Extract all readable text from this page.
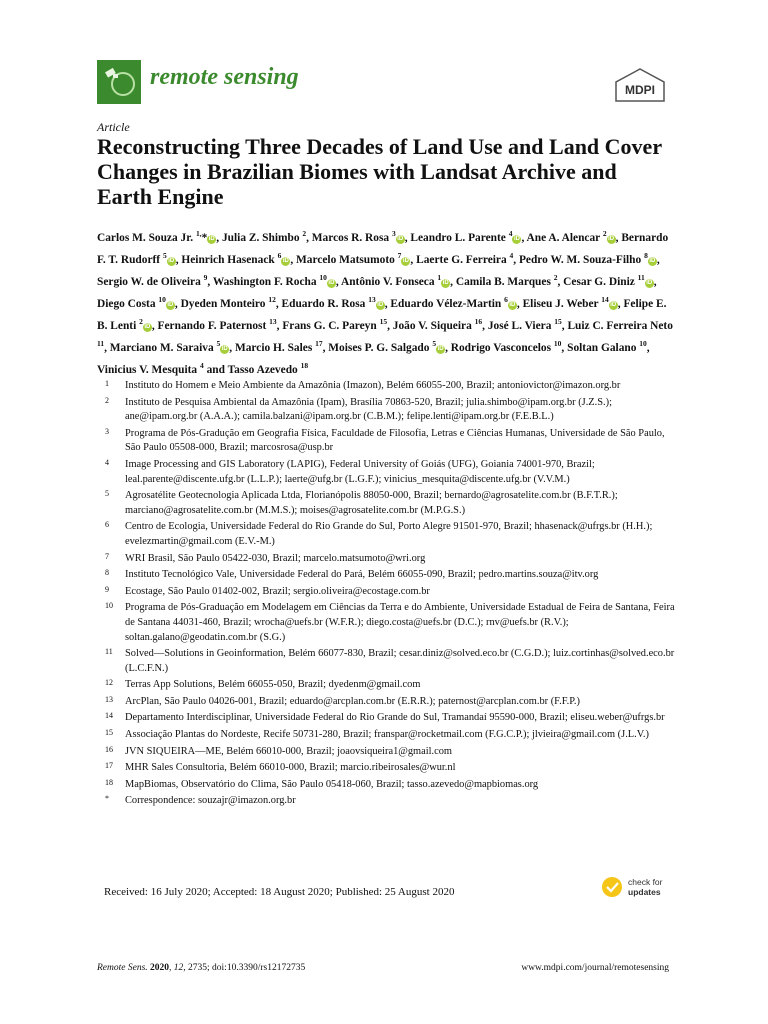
remote sensing	MDPI
Article
Reconstructing Three Decades of Land Use and Land Cover Changes in Brazilian Biomes with Landsat Archive and Earth Engine
Carlos M. Souza Jr. $^{1,}$* iD , Julia Z. Shimbo $^2$, Marcos R. Rosa $^3$iD , Leandro L. Parente $^4$iD , Ane A. Alencar $^2$iD , Bernardo F. T. Rudorff $^5$iD , Heinrich Hasenack $^6$iD , Marcelo Matsumoto $^7$iD , Laerte G. Ferreira $^4$, Pedro W. M. Souza-Filho $^8$iD , Sergio W. de Oliveira $^9$, Washington F. Rocha $^{10}$iD , Antônio V. Fonseca $^1$iD , Camila B. Marques $^2$, Cesar G. Diniz $^{11}$iD , Diego Costa $^{10}$iD , Dyeden Monteiro $^{12}$, Eduardo R. Rosa $^{13}$iD , Eduardo Vélez-Martin $^6$iD , Eliseu J. Weber $^{14}$iD , Felipe E. B. Lenti $^2$iD , Fernando F. Paternost $^{13}$, Frans G. C. Pareyn $^{15}$, João V. Siqueira $^{16}$, José L. Viera $^{15}$, Luiz C. Ferreira Neto $^{11}$, Marciano M. Saraiva $^5$iD , Marcio H. Sales $^{17}$, Moises P. G. Salgado $^5$iD , Rodrigo Vasconcelos $^{10}$, Soltan Galano $^{10}$, Vinicius V. Mesquita $^4$ and Tasso Azevedo $^{18}$
1 Instituto do Homem e Meio Ambiente da Amazônia (Imazon), Belém 66055-200, Brazil; antoniovictor@imazon.org.br
2 Instituto de Pesquisa Ambiental da Amazônia (Ipam), Brasília 70863-520, Brazil; julia.shimbo@ipam.org.br (J.Z.S.); ane@ipam.org.br (A.A.A.); camila.balzani@ipam.org.br (C.B.M.); felipe.lenti@ipam.org.br (F.E.B.L.)
3 Programa de Pós-Gradução em Geografia Física, Faculdade de Filosofia, Letras e Ciências Humanas, Universidade de São Paulo, São Paulo 05508-000, Brazil; marcosrosa@usp.br
4 Image Processing and GIS Laboratory (LAPIG), Federal University of Goiás (UFG), Goiania 74001-970, Brazil; leal.parente@discente.ufg.br (L.L.P.); laerte@ufg.br (L.G.F.); vinicius_mesquita@discente.ufg.br (V.V.M.)
5 Agrosatélite Geotecnologia Aplicada Ltda, Florianópolis 88050-000, Brazil; bernardo@agrosatelite.com.br (B.F.T.R.); marciano@agrosatelite.com.br (M.M.S.); moises@agrosatelite.com.br (M.P.G.S.)
6 Centro de Ecologia, Universidade Federal do Rio Grande do Sul, Porto Alegre 91501-970, Brazil; hhasenack@ufrgs.br (H.H.); evelezmartin@gmail.com (E.V.-M.)
7 WRI Brasil, São Paulo 05422-030, Brazil; marcelo.matsumoto@wri.org
8 Instituto Tecnológico Vale, Universidade Federal do Pará, Belém 66055-090, Brazil; pedro.martins.souza@itv.org
9 Ecostage, São Paulo 01402-002, Brazil; sergio.oliveira@ecostage.com.br
10 Programa de Pós-Graduação em Modelagem em Ciências da Terra e do Ambiente, Universidade Estadual de Feira de Santana, Feira de Santana 44031-460, Brazil; wrocha@uefs.br (W.F.R.); diego.costa@uefs.br (D.C.); rnv@uefs.br (R.V.); soltan.galano@geodatin.com.br (S.G.)
11 Solved—Solutions in Geoinformation, Belém 66077-830, Brazil; cesar.diniz@solved.eco.br (C.G.D.); luiz.cortinhas@solved.eco.br (L.C.F.N.)
12 Terras App Solutions, Belém 66055-050, Brazil; dyedenm@gmail.com
13 ArcPlan, São Paulo 04026-001, Brazil; eduardo@arcplan.com.br (E.R.R.); paternost@arcplan.com.br (F.F.P.)
14 Departamento Interdisciplinar, Universidade Federal do Rio Grande do Sul, Tramandaí 95590-000, Brazil; eliseu.weber@ufrgs.br
15 Associação Plantas do Nordeste, Recife 50731-280, Brazil; franspar@rocketmail.com (F.G.C.P.); jlvieira@gmail.com (J.L.V.)
16 JVN SIQUEIRA—ME, Belém 66010-000, Brazil; joaovsiqueira1@gmail.com
17 MHR Sales Consultoria, Belém 66010-000, Brazil; marcio.ribeirosales@wur.nl
18 MapBiomas, Observatório do Clima, São Paulo 05418-060, Brazil; tasso.azevedo@mapbiomas.org
* Correspondence: souzajr@imazon.org.br
Received: 16 July 2020; Accepted: 18 August 2020; Published: 25 August 2020
check for
updates
Remote Sens. 2020, 12, 2735; doi:10.3390/rs12172735	www.mdpi.com/journal/remotesensing
